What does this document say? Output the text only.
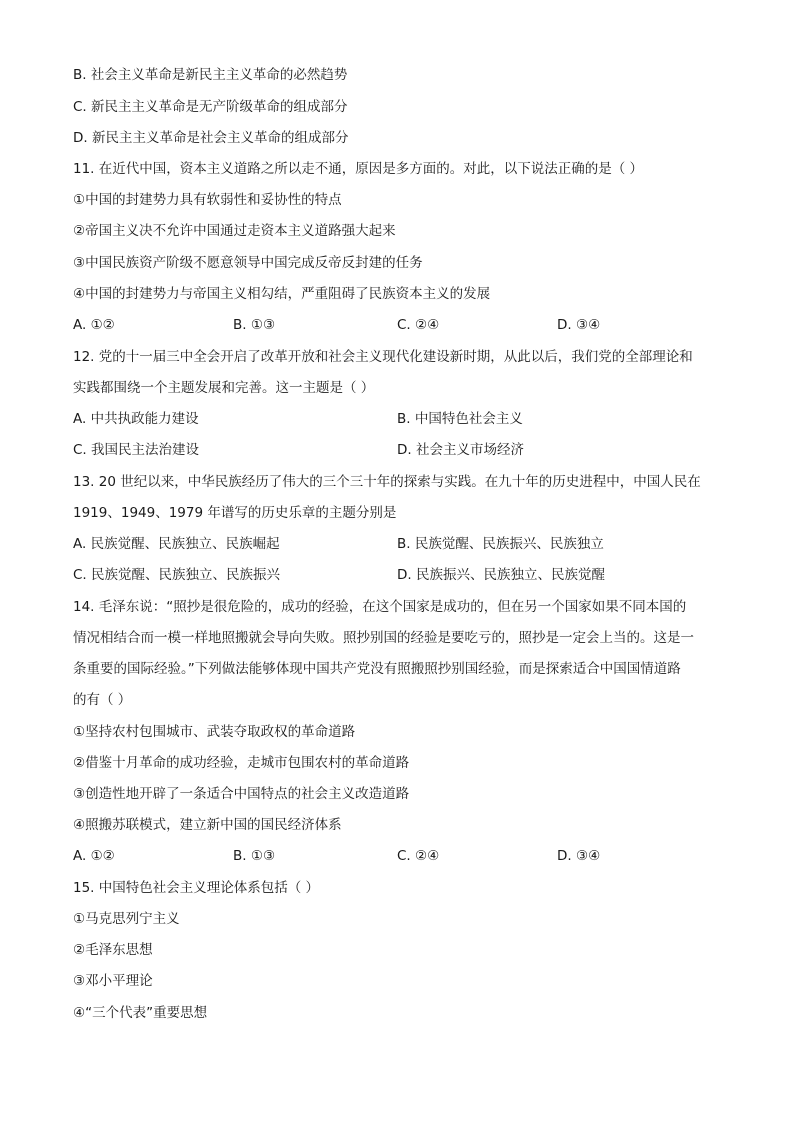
B. 社会主义革命是新民主主义革命的必然趋势
C. 新民主主义革命是无产阶级革命的组成部分
D. 新民主主义革命是社会主义革命的组成部分
11. 在近代中国，资本主义道路之所以走不通，原因是多方面的。对此，以下说法正确的是（ ）
①中国的封建势力具有软弱性和妥协性的特点
②帝国主义决不允许中国通过走资本主义道路强大起来
③中国民族资产阶级不愿意领导中国完成反帝反封建的任务
④中国的封建势力与帝国主义相勾结，严重阻碍了民族资本主义的发展
A. ①②	B. ①③	C. ②④	D. ③④
12. 党的十一届三中全会开启了改革开放和社会主义现代化建设新时期，从此以后，我们党的全部理论和
实践都围绕一个主题发展和完善。这一主题是（ ）
A. 中共执政能力建设	B. 中国特色社会主义
C. 我国民主法治建设	D. 社会主义市场经济
13. 20 世纪以来，中华民族经历了伟大的三个三十年的探索与实践。在九十年的历史进程中，中国人民在
1919、1949、1979 年谱写的历史乐章的主题分别是
A. 民族觉醒、民族独立、民族崛起	B. 民族觉醒、民族振兴、民族独立
C. 民族觉醒、民族独立、民族振兴	D. 民族振兴、民族独立、民族觉醒
14. 毛泽东说：“照抄是很危险的，成功的经验，在这个国家是成功的，但在另一个国家如果不同本国的
情况相结合而一模一样地照搬就会导向失败。照抄别国的经验是要吃亏的，照抄是一定会上当的。这是一
条重要的国际经验。”下列做法能够体现中国共产党没有照搬照抄别国经验，而是探索适合中国国情道路
的有（ ）
①坚持农村包围城市、武装夺取政权的革命道路
②借鉴十月革命的成功经验，走城市包围农村的革命道路
③创造性地开辟了一条适合中国特点的社会主义改造道路
④照搬苏联模式，建立新中国的国民经济体系
A. ①②	B. ①③	C. ②④	D. ③④
15. 中国特色社会主义理论体系包括（ ）
①马克思列宁主义
②毛泽东思想
③邓小平理论
④“三个代表”重要思想
